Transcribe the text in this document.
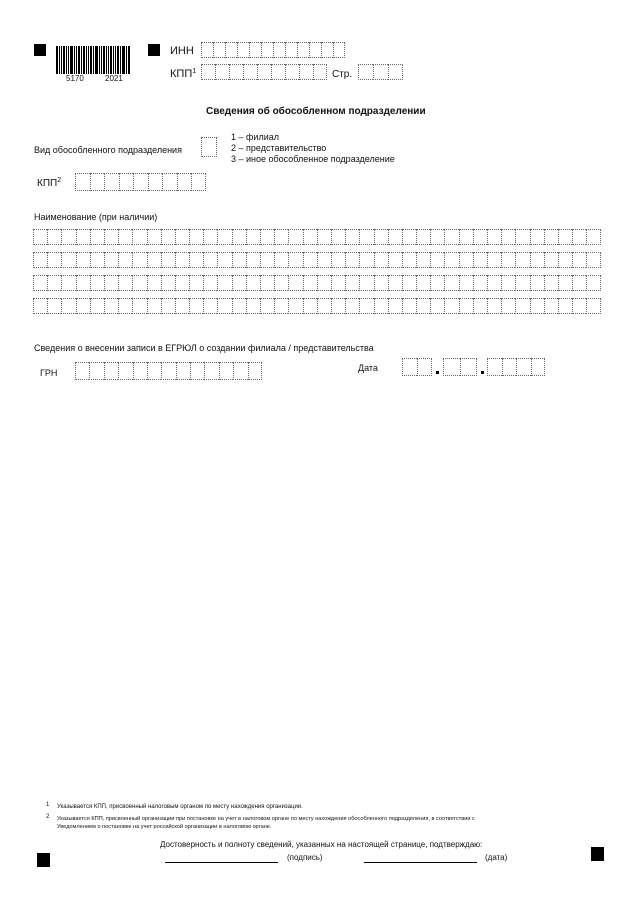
5170	2021
ИНН
КПП$^1$	Стр.
Сведения об обособленном подразделении
Вид обособленного подразделения
1 – филиал
2 – представительство
3 – иное обособленное подразделение
КПП$^2$
Наименование (при наличии)
Сведения о внесении записи в ЕГРЮЛ о создании филиала / представительства
ГРН	Дата
1 Указывается КПП, присвоенный налоговым органом по месту нахождения организации.
2 Указывается КПП, присвоенный организации при постановке на учет в налоговом органе по месту нахождения обособленного подразделения, в соответствии с
Уведомлением о постановке на учет российской организации в налоговом органе.
Достоверность и полноту сведений, указанных на настоящей странице, подтверждаю:
(подпись)	(дата)
